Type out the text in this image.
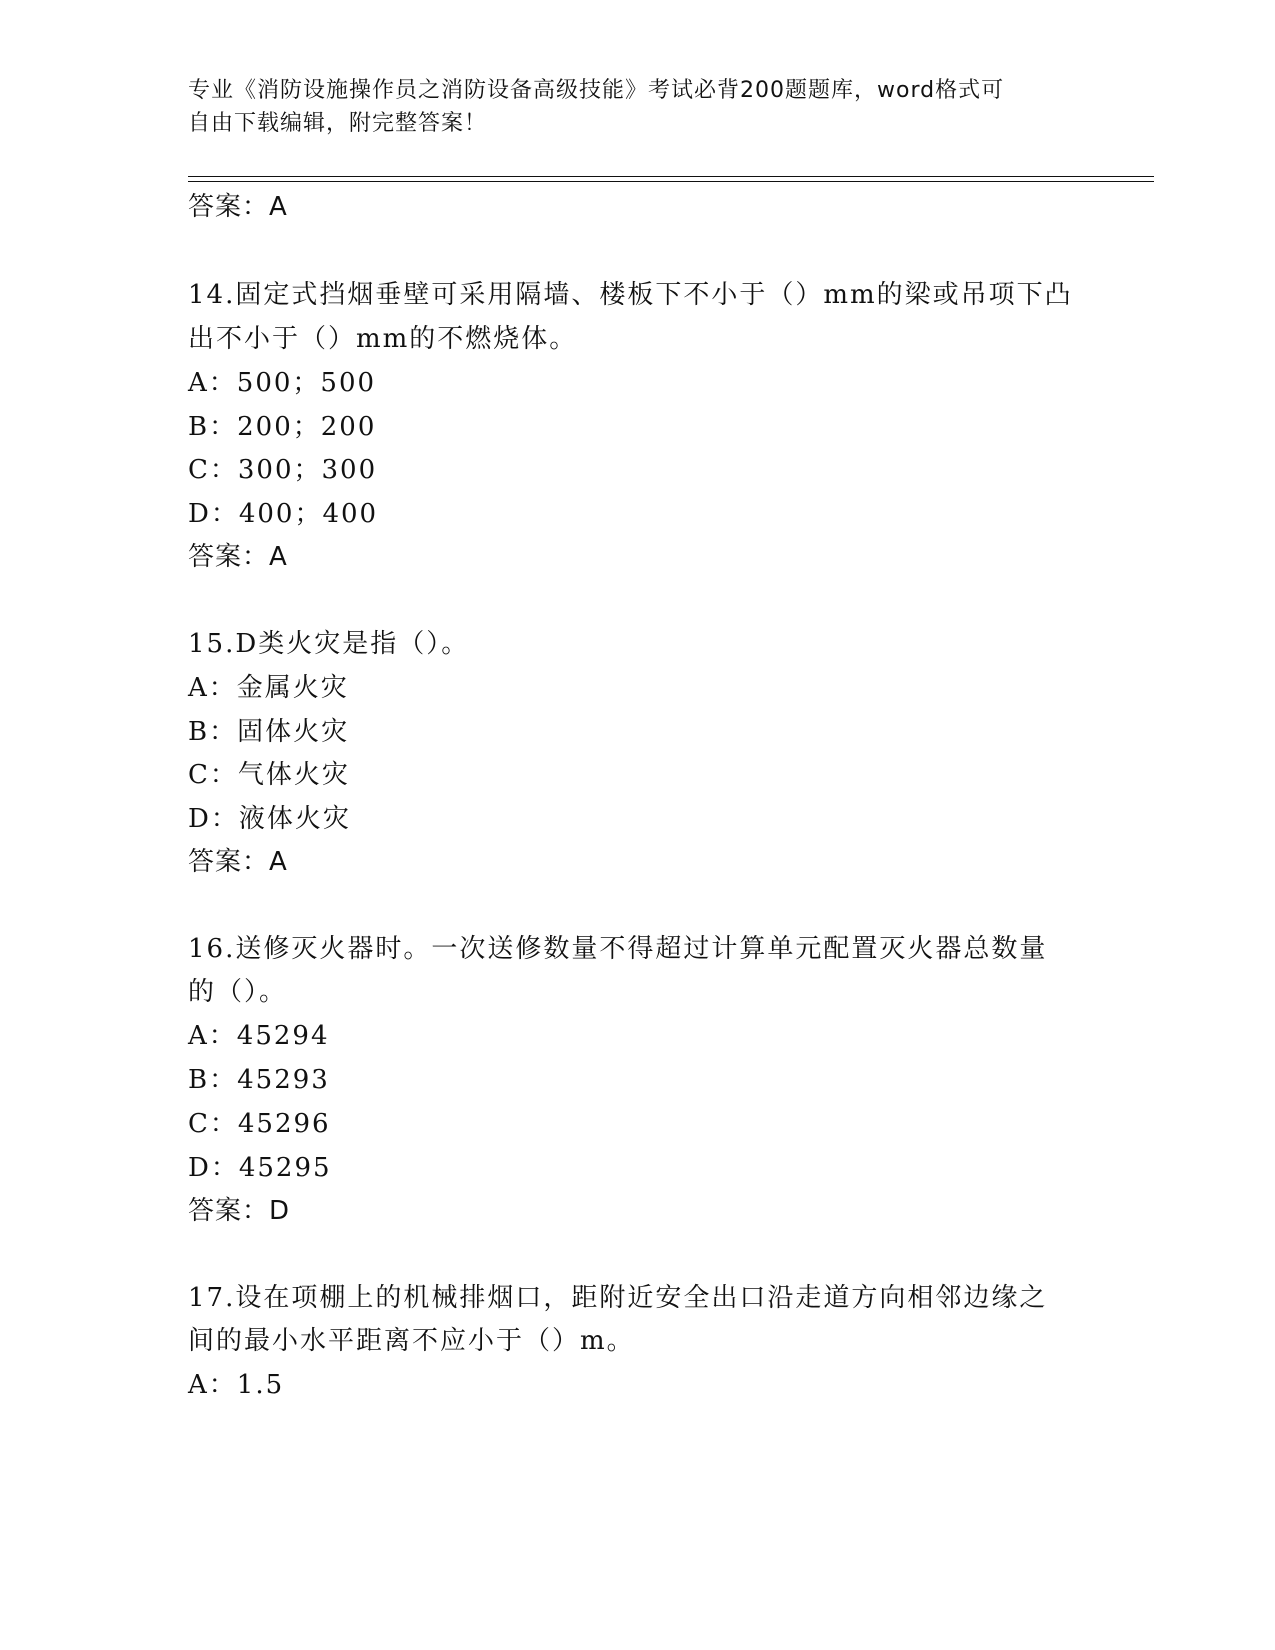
专业《消防设施操作员之消防设备高级技能》考试必背200题题库，word格式可
自由下载编辑，附完整答案！
答案：A
14.固定式挡烟垂壁可采用隔墙、楼板下不小于（）mm的梁或吊项下凸
出不小于（）mm的不燃烧体。
A：500；500
B：200；200
C：300；300
D：400；400
答案：A
15.D类火灾是指（）。
A：金属火灾
B：固体火灾
C：气体火灾
D：液体火灾
答案：A
16.送修灭火器时。一次送修数量不得超过计算单元配置灭火器总数量
的（）。
A：45294
B：45293
C：45296
D：45295
答案：D
17.设在项棚上的机械排烟口，距附近安全出口沿走道方向相邻边缘之
间的最小水平距离不应小于（）m。
A：1.5
